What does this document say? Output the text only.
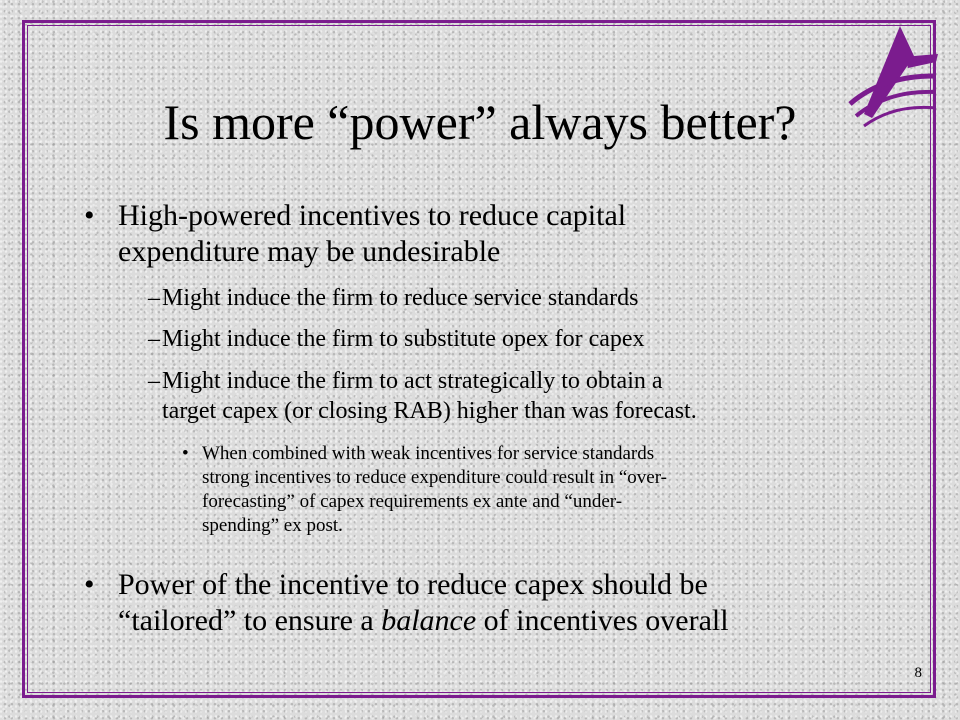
Is more “power” always better?
• High-powered incentives to reduce capital

expenditure may be undesirable

– Might induce the firm to reduce service standards

– Might induce the firm to substitute opex for capex

– Might induce the firm to act strategically to obtain a

target capex (or closing RAB) higher than was forecast.

• When combined with weak incentives for service standards

strong incentives to reduce expenditure could result in “over-

forecasting” of capex requirements ex ante and “under-

spending” ex post.

• Power of the incentive to reduce capex should be

“tailored” to ensure a balance of incentives overall

8
